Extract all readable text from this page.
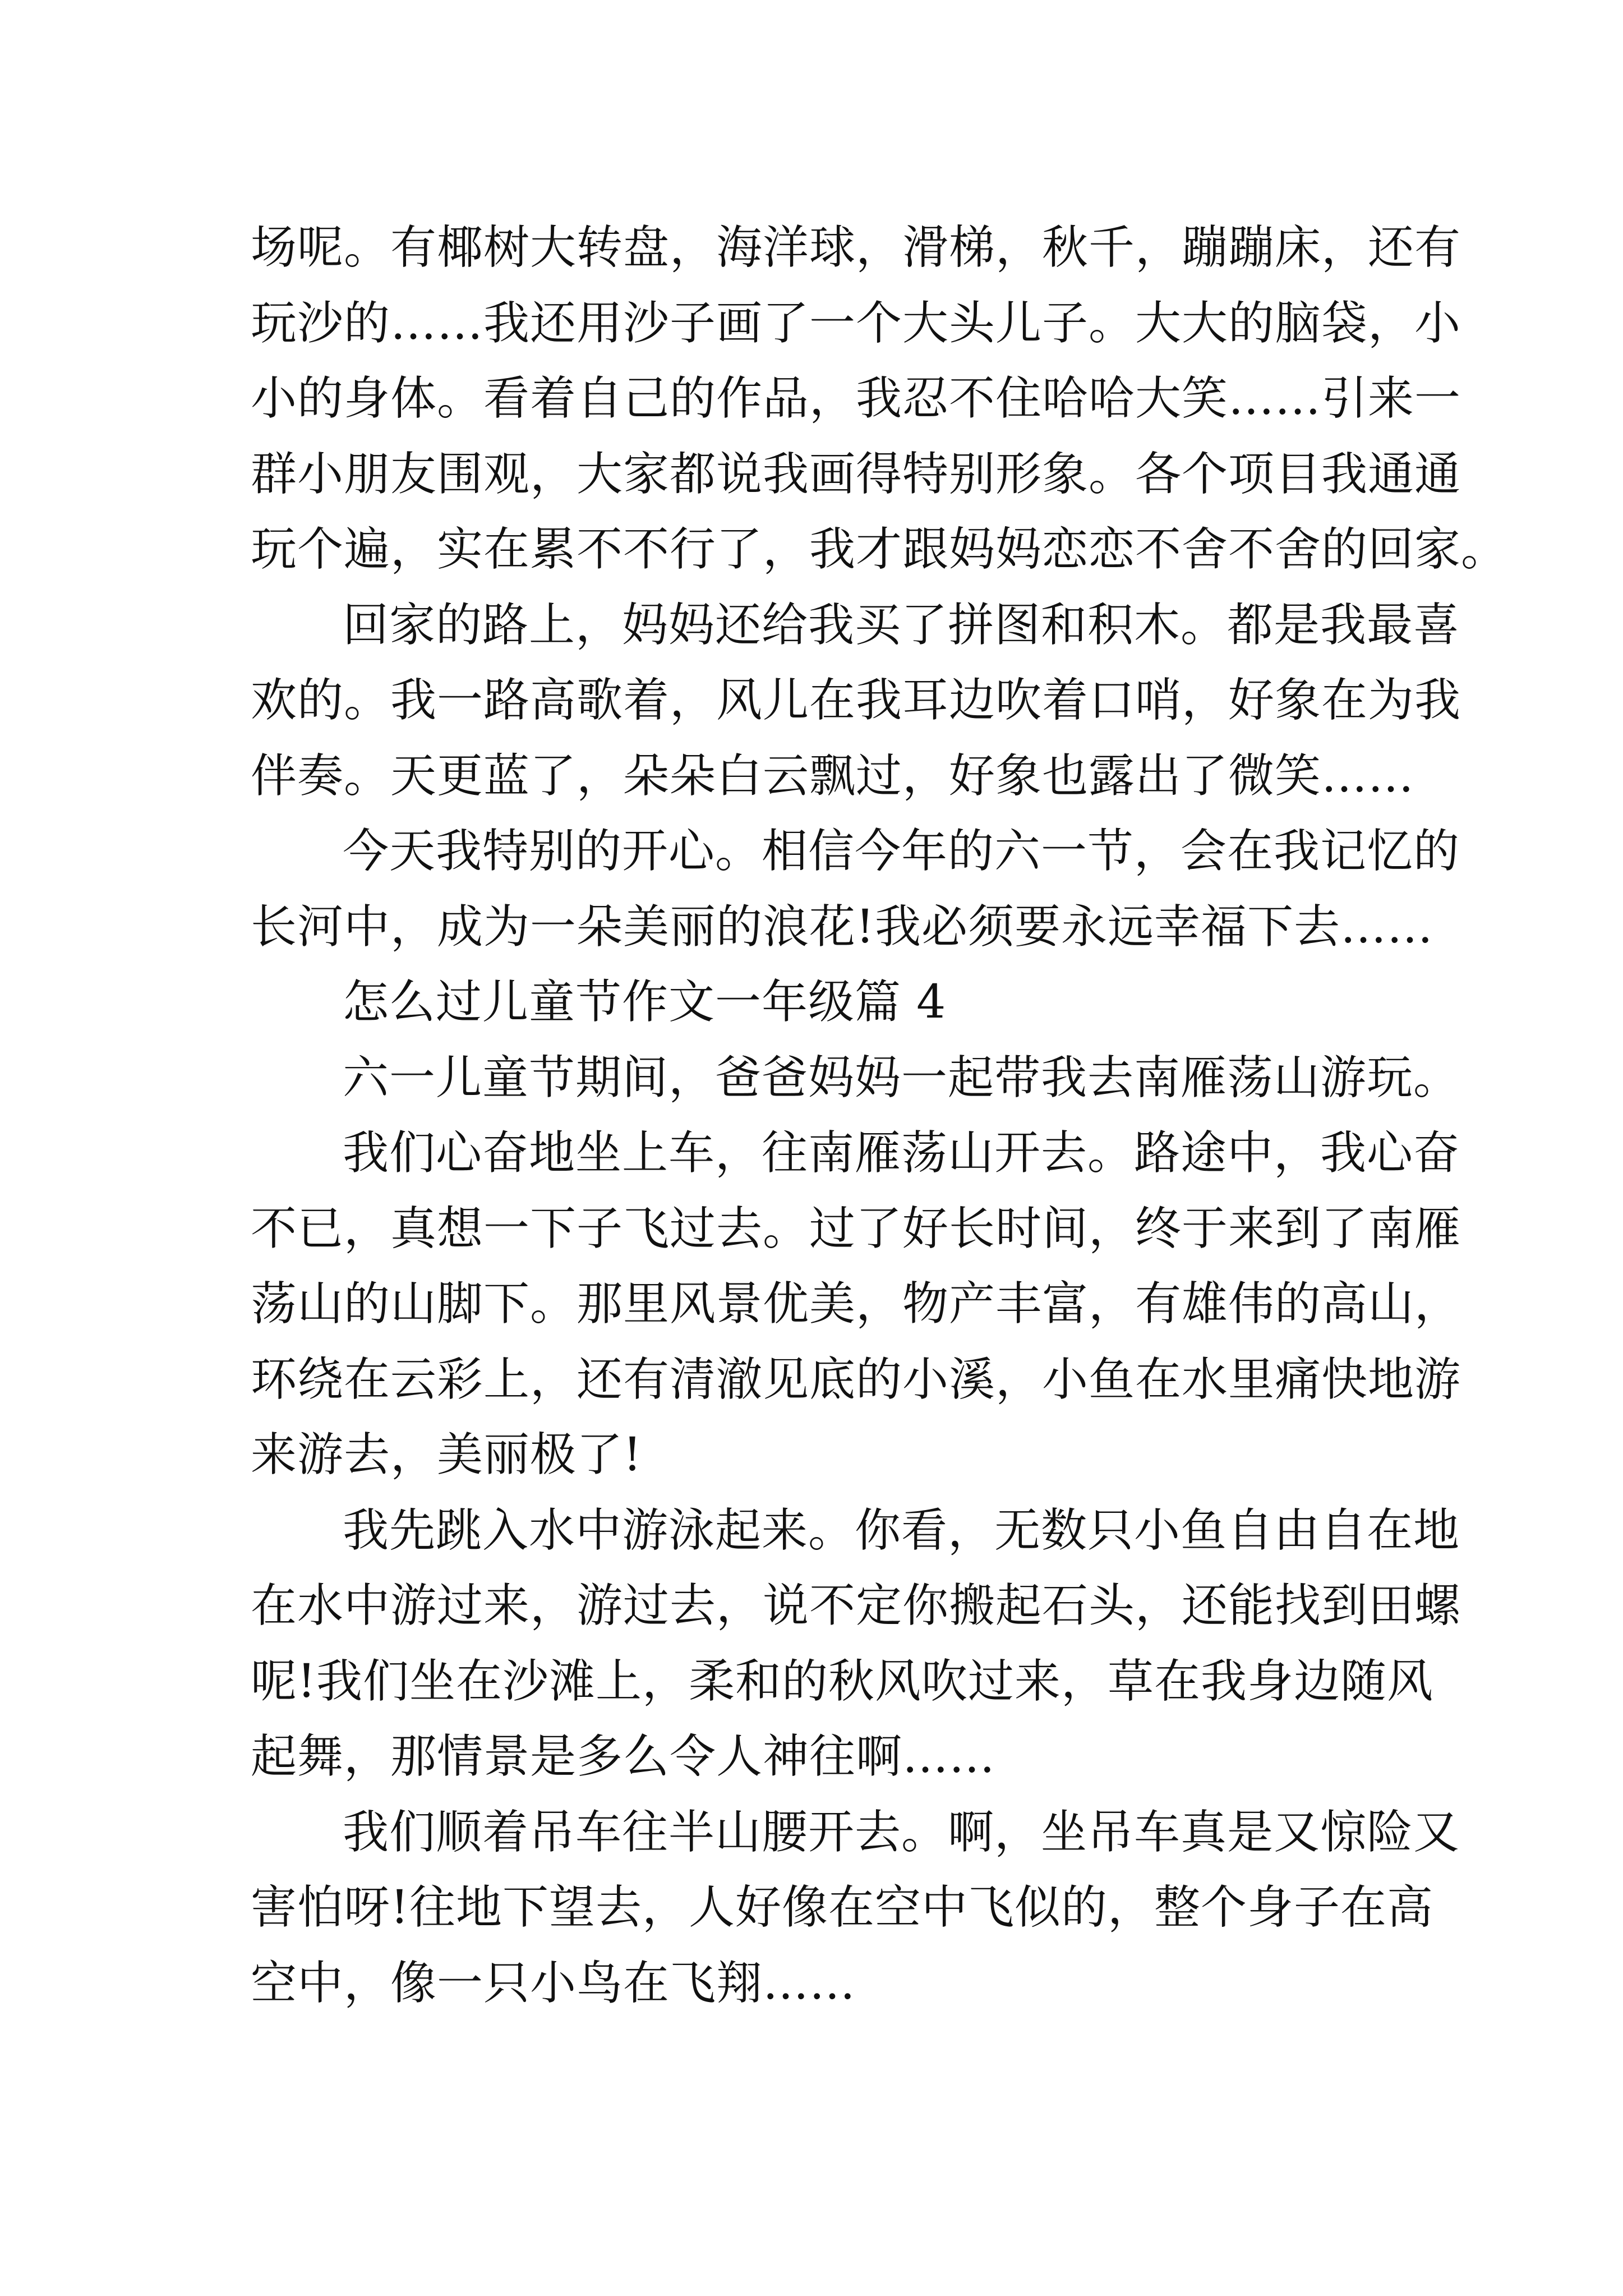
场呢。有椰树大转盘，海洋球，滑梯，秋千，蹦蹦床，还有
玩沙的……我还用沙子画了一个大头儿子。大大的脑袋，小
小的身体。看着自己的作品，我忍不住哈哈大笑……引来一
群小朋友围观，大家都说我画得特别形象。各个项目我通通
玩个遍，实在累不不行了，我才跟妈妈恋恋不舍不舍的回家。
回家的路上，妈妈还给我买了拼图和积木。都是我最喜
欢的。我一路高歌着，风儿在我耳边吹着口哨，好象在为我
伴奏。天更蓝了，朵朵白云飘过，好象也露出了微笑……
今天我特别的开心。相信今年的六一节，会在我记忆的
长河中，成为一朵美丽的浪花!我必须要永远幸福下去……
怎么过儿童节作文一年级篇 4
六一儿童节期间，爸爸妈妈一起带我去南雁荡山游玩。
我们心奋地坐上车，往南雁荡山开去。路途中，我心奋
不已，真想一下子飞过去。过了好长时间，终于来到了南雁
荡山的山脚下。那里风景优美，物产丰富，有雄伟的高山，
环绕在云彩上，还有清澈见底的小溪，小鱼在水里痛快地游
来游去，美丽极了!
我先跳入水中游泳起来。你看，无数只小鱼自由自在地
在水中游过来，游过去，说不定你搬起石头，还能找到田螺
呢!我们坐在沙滩上，柔和的秋风吹过来，草在我身边随风
起舞，那情景是多么令人神往啊……
我们顺着吊车往半山腰开去。啊，坐吊车真是又惊险又
害怕呀!往地下望去，人好像在空中飞似的，整个身子在高
空中，像一只小鸟在飞翔……
